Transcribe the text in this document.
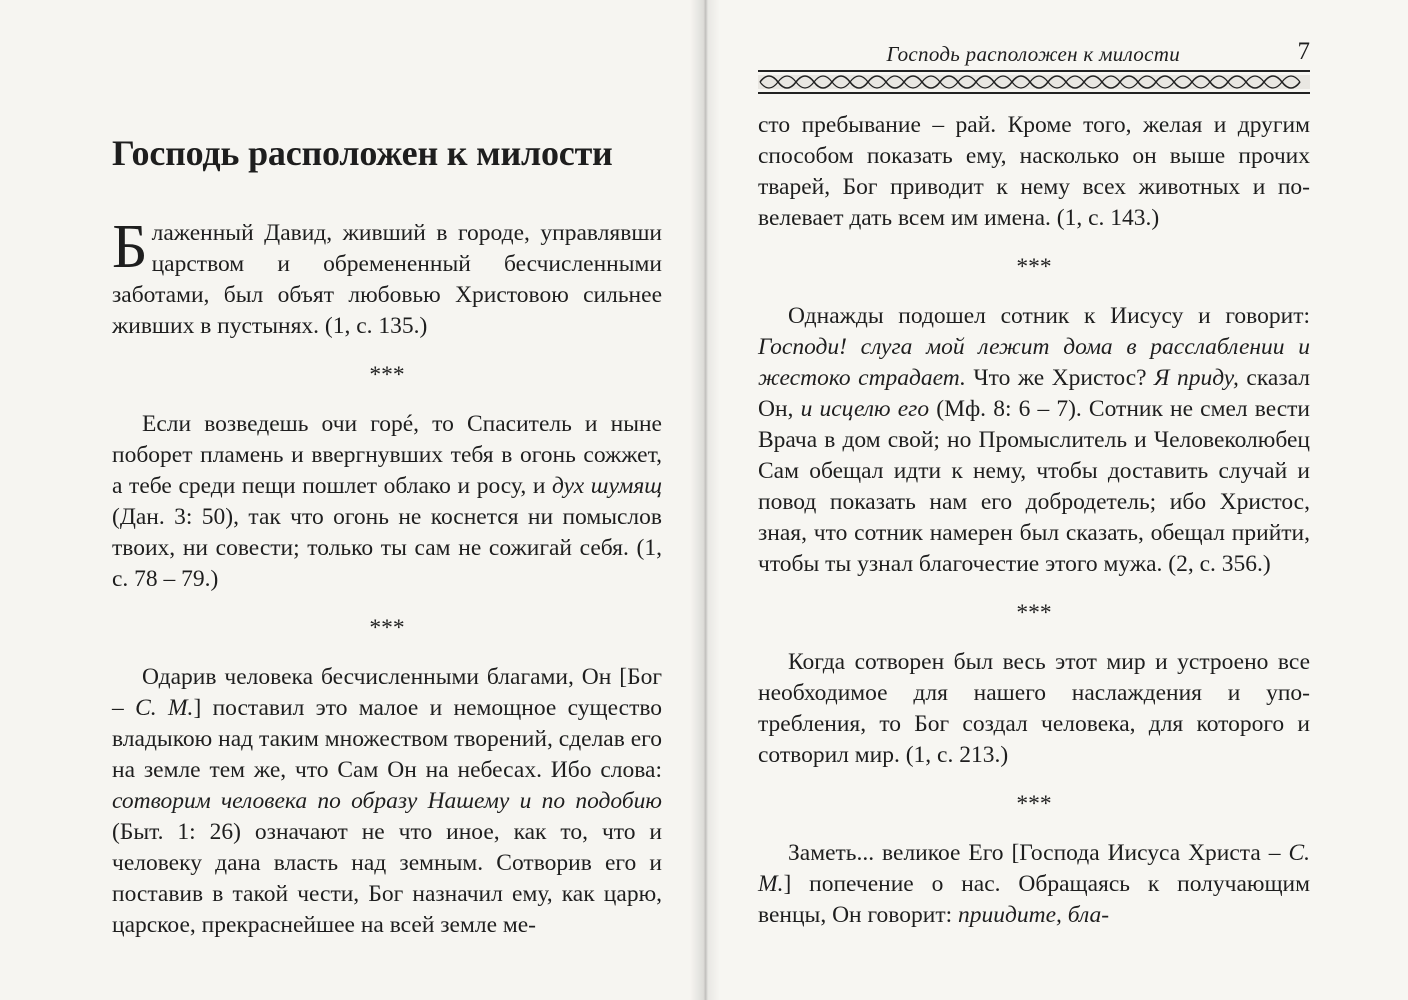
Господь расположен к милости

Блаженный Давид, живший в городе, управлявши царством и обремененный бесчисленными заботами, был объят любовью Христовою сильнее живших в пустынях. (1, с. 135.)

***

Если возведешь очи горé, то Спаситель и ныне поборет пламень и ввергнувших тебя в огонь сожжет, а тебе среди пещи пошлет облако и росу, и дух шумящ (Дан. 3: 50), так что огонь не коснется ни помыслов твоих, ни совести; только ты сам не сожигай себя. (1, с. 78 – 79.)

***

Одарив человека бесчисленными благами, Он [Бог – С. М.] поставил это малое и немощное существо владыкою над таким множеством творений, сделав его на земле тем же, что Сам Он на небесах. Ибо слова: сотворим человека по образу Нашему и по подобию (Быт. 1: 26) означают не что иное, как то, что и человеку дана власть над земным. Сотворив его и поставив в такой чести, Бог назначил ему, как царю, царское, прекраснейшее на всей земле ме-

Господь расположен к милости	7

сто пребывание – рай. Кроме того, желая и другим способом показать ему, насколько он выше прочих тварей, Бог приводит к нему всех животных и повелевает дать всем им имена. (1, с. 143.)

***

Однажды подошел сотник к Иисусу и говорит: Господи! слуга мой лежит дома в расслаблении и жестоко страдает. Что же Христос? Я приду, сказал Он, и исцелю его (Мф. 8: 6 – 7). Сотник не смел вести Врача в дом свой; но Промыслитель и Человеколюбец Сам обещал идти к нему, чтобы доставить случай и повод показать нам его добродетель; ибо Христос, зная, что сотник намерен был сказать, обещал прийти, чтобы ты узнал благочестие этого мужа. (2, с. 356.)

***

Когда сотворен был весь этот мир и устроено все необходимое для нашего наслаждения и употребления, то Бог создал человека, для которого и сотворил мир. (1, с. 213.)

***

Заметь... великое Его [Господа Иисуса Христа – С. М.] попечение о нас. Обращаясь к получающим венцы, Он говорит: приидите, бла-
